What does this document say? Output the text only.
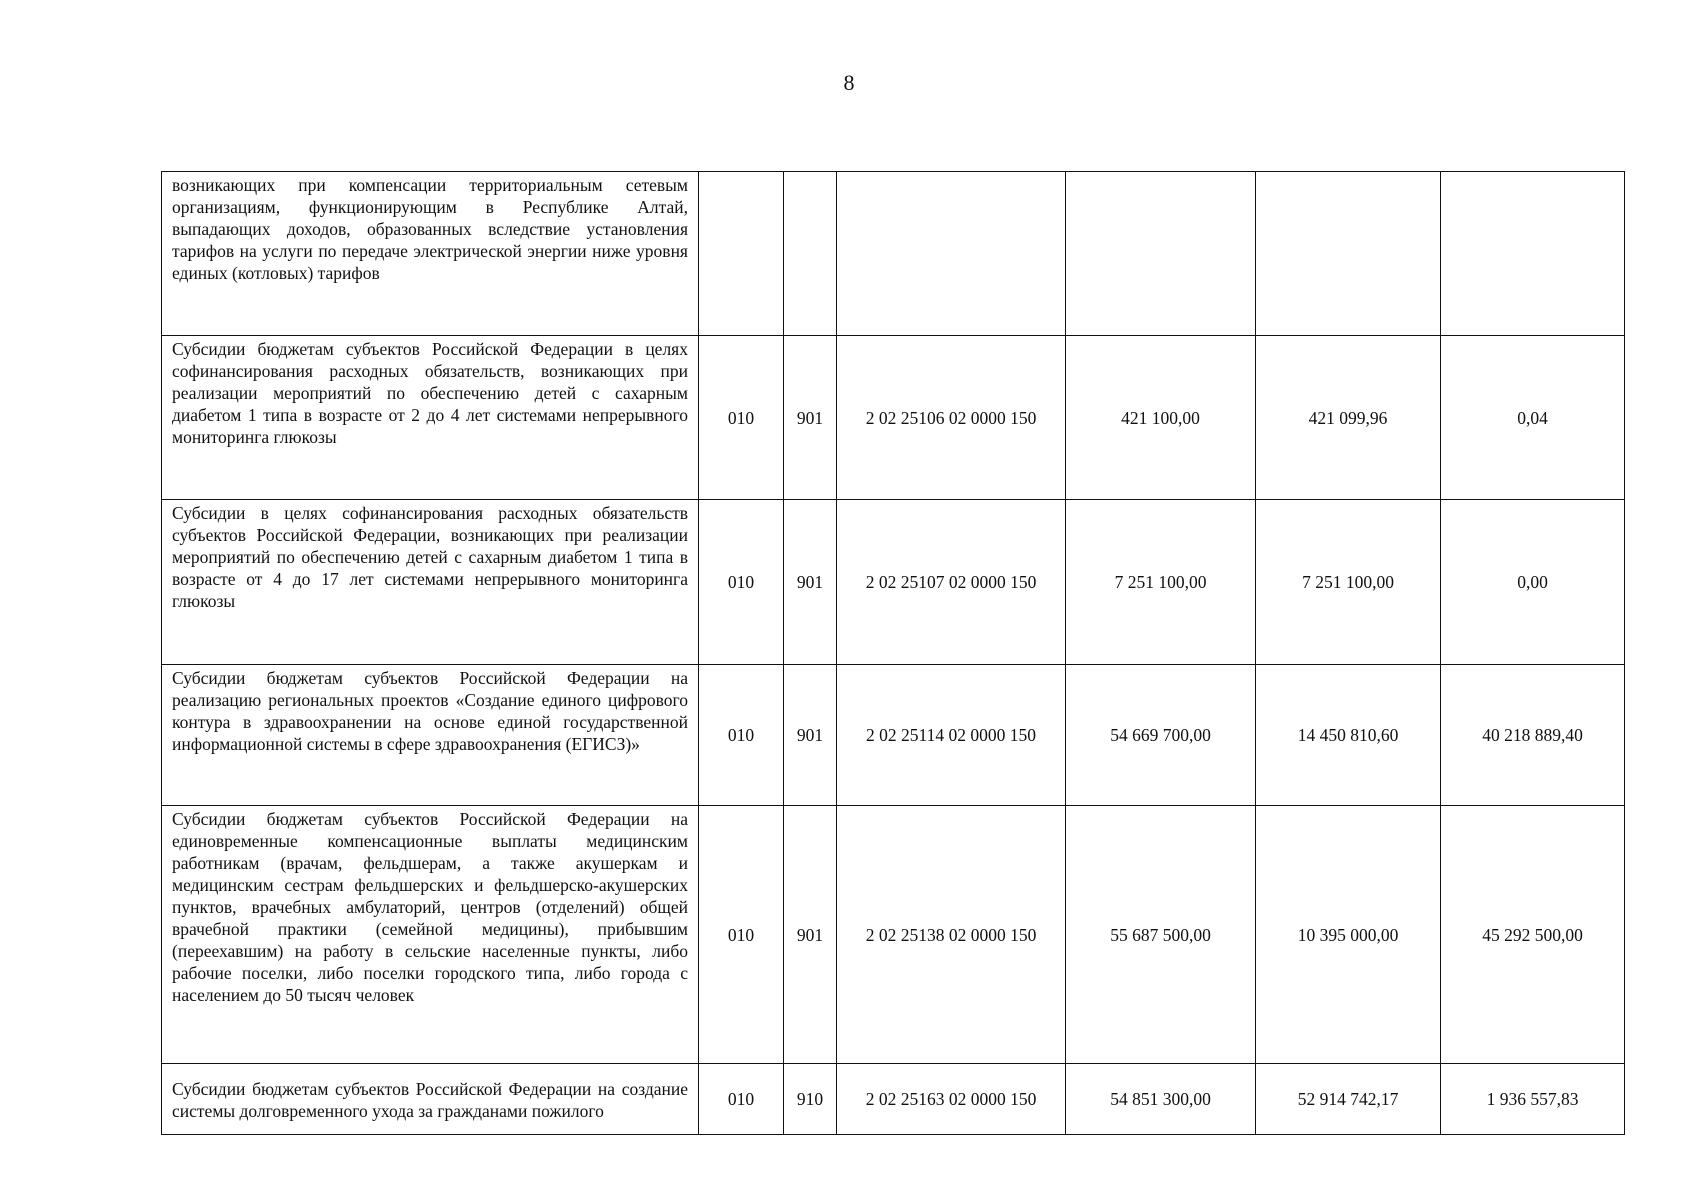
8
возникающих при компенсации территориальным сетевым организациям, функционирующим в Республике Алтай, выпадающих доходов, образованных вследствие установления тарифов на услуги по передаче электрической энергии ниже уровня единых (котловых) тарифов						
Субсидии бюджетам субъектов Российской Федерации в целях софинансирования расходных обязательств, возникающих при реализации мероприятий по обеспечению детей с сахарным диабетом 1 типа в возрасте от 2 до 4 лет системами непрерывного мониторинга глюкозы	010	901	2 02 25106 02 0000 150	421 100,00	421 099,96	0,04
Субсидии в целях софинансирования расходных обязательств субъектов Российской Федерации, возникающих при реализации мероприятий по обеспечению детей с сахарным диабетом 1 типа в возрасте от 4 до 17 лет системами непрерывного мониторинга глюкозы	010	901	2 02 25107 02 0000 150	7 251 100,00	7 251 100,00	0,00
Субсидии бюджетам субъектов Российской Федерации на реализацию региональных проектов «Создание единого цифрового контура в здравоохранении на основе единой государственной информационной системы в сфере здравоохранения (ЕГИСЗ)»	010	901	2 02 25114 02 0000 150	54 669 700,00	14 450 810,60	40 218 889,40
Субсидии бюджетам субъектов Российской Федерации на единовременные компенсационные выплаты медицинским работникам (врачам, фельдшерам, а также акушеркам и медицинским сестрам фельдшерских и фельдшерско-акушерских пунктов, врачебных амбулаторий, центров (отделений) общей врачебной практики (семейной медицины), прибывшим (переехавшим) на работу в сельские населенные пункты, либо рабочие поселки, либо поселки городского типа, либо города с населением до 50 тысяч человек	010	901	2 02 25138 02 0000 150	55 687 500,00	10 395 000,00	45 292 500,00
Субсидии бюджетам субъектов Российской Федерации на создание системы долговременного ухода за гражданами пожилого	010	910	2 02 25163 02 0000 150	54 851 300,00	52 914 742,17	1 936 557,83
